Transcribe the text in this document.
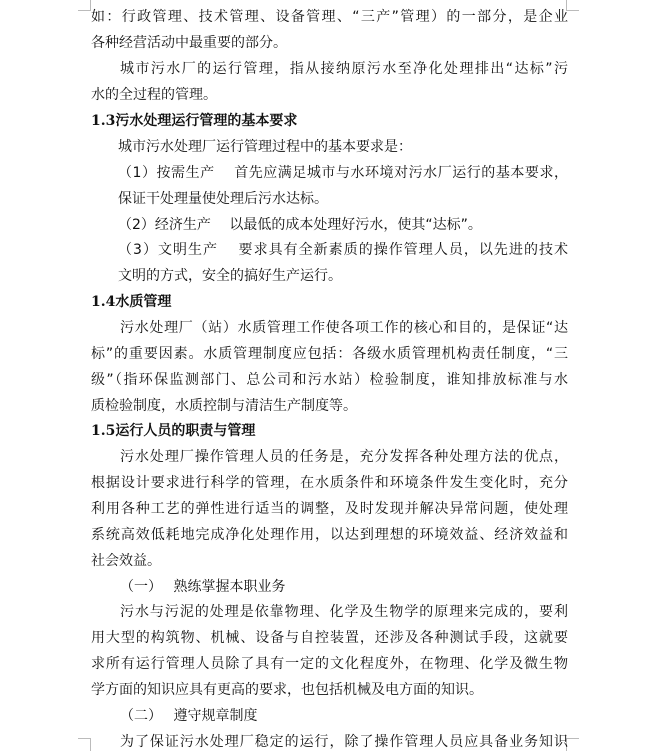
如：行政管理、技术管理、设备管理、“三产”管理）的一部分，是企业
各种经营活动中最重要的部分。
城市污水厂的运行管理，指从接纳原污水至净化处理排出“达标”污
水的全过程的管理。
1.3污水处理运行管理的基本要求
城市污水处理厂运行管理过程中的基本要求是：
（1）按需生产　 首先应满足城市与水环境对污水厂运行的基本要求，
保证干处理量使处理后污水达标。
（2）经济生产　 以最低的成本处理好污水，使其“达标”。
（3）文明生产　 要求具有全新素质的操作管理人员，以先进的技术
文明的方式，安全的搞好生产运行。
1.4水质管理
污水处理厂（站）水质管理工作使各项工作的核心和目的，是保证“达
标”的重要因素。水质管理制度应包括：各级水质管理机构责任制度，“三
级”（指环保监测部门、总公司和污水站）检验制度，谁知排放标准与水
质检验制度，水质控制与清洁生产制度等。
1.5运行人员的职责与管理
污水处理厂操作管理人员的任务是，充分发挥各种处理方法的优点，
根据设计要求进行科学的管理，在水质条件和环境条件发生变化时，充分
利用各种工艺的弹性进行适当的调整，及时发现并解决异常问题，使处理
系统高效低耗地完成净化处理作用，以达到理想的环境效益、经济效益和
社会效益。
（一）　 熟练掌握本职业务
污水与污泥的处理是依靠物理、化学及生物学的原理来完成的，要利
用大型的构筑物、机械、设备与自控装置，还涉及各种测试手段，这就要
求所有运行管理人员除了具有一定的文化程度外，在物理、化学及微生物
学方面的知识应具有更高的要求，也包括机械及电方面的知识。
（二）　 遵守规章制度
为了保证污水处理厂稳定的运行，除了操作管理人员应具备业务知识
